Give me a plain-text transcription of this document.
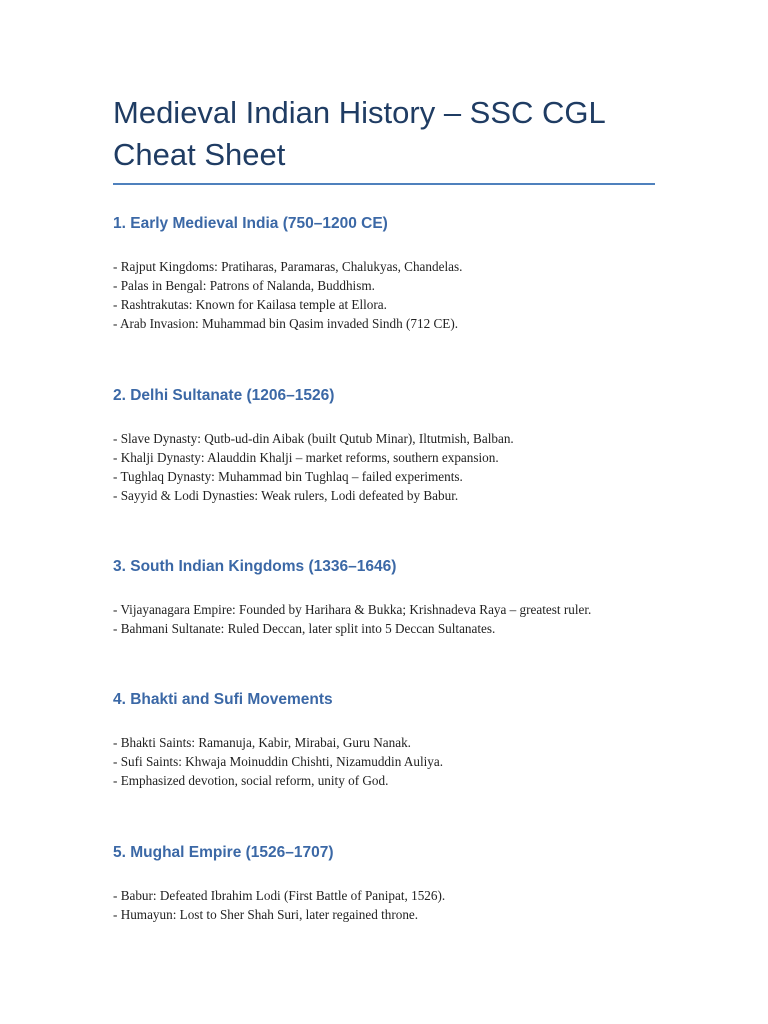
Medieval Indian History – SSC CGL
Cheat Sheet
1. Early Medieval India (750–1200 CE)
- Rajput Kingdoms: Pratiharas, Paramaras, Chalukyas, Chandelas.
- Palas in Bengal: Patrons of Nalanda, Buddhism.
- Rashtrakutas: Known for Kailasa temple at Ellora.
- Arab Invasion: Muhammad bin Qasim invaded Sindh (712 CE).
2. Delhi Sultanate (1206–1526)
- Slave Dynasty: Qutb-ud-din Aibak (built Qutub Minar), Iltutmish, Balban.
- Khalji Dynasty: Alauddin Khalji – market reforms, southern expansion.
- Tughlaq Dynasty: Muhammad bin Tughlaq – failed experiments.
- Sayyid & Lodi Dynasties: Weak rulers, Lodi defeated by Babur.
3. South Indian Kingdoms (1336–1646)
- Vijayanagara Empire: Founded by Harihara & Bukka; Krishnadeva Raya – greatest ruler.
- Bahmani Sultanate: Ruled Deccan, later split into 5 Deccan Sultanates.
4. Bhakti and Sufi Movements
- Bhakti Saints: Ramanuja, Kabir, Mirabai, Guru Nanak.
- Sufi Saints: Khwaja Moinuddin Chishti, Nizamuddin Auliya.
- Emphasized devotion, social reform, unity of God.
5. Mughal Empire (1526–1707)
- Babur: Defeated Ibrahim Lodi (First Battle of Panipat, 1526).
- Humayun: Lost to Sher Shah Suri, later regained throne.
